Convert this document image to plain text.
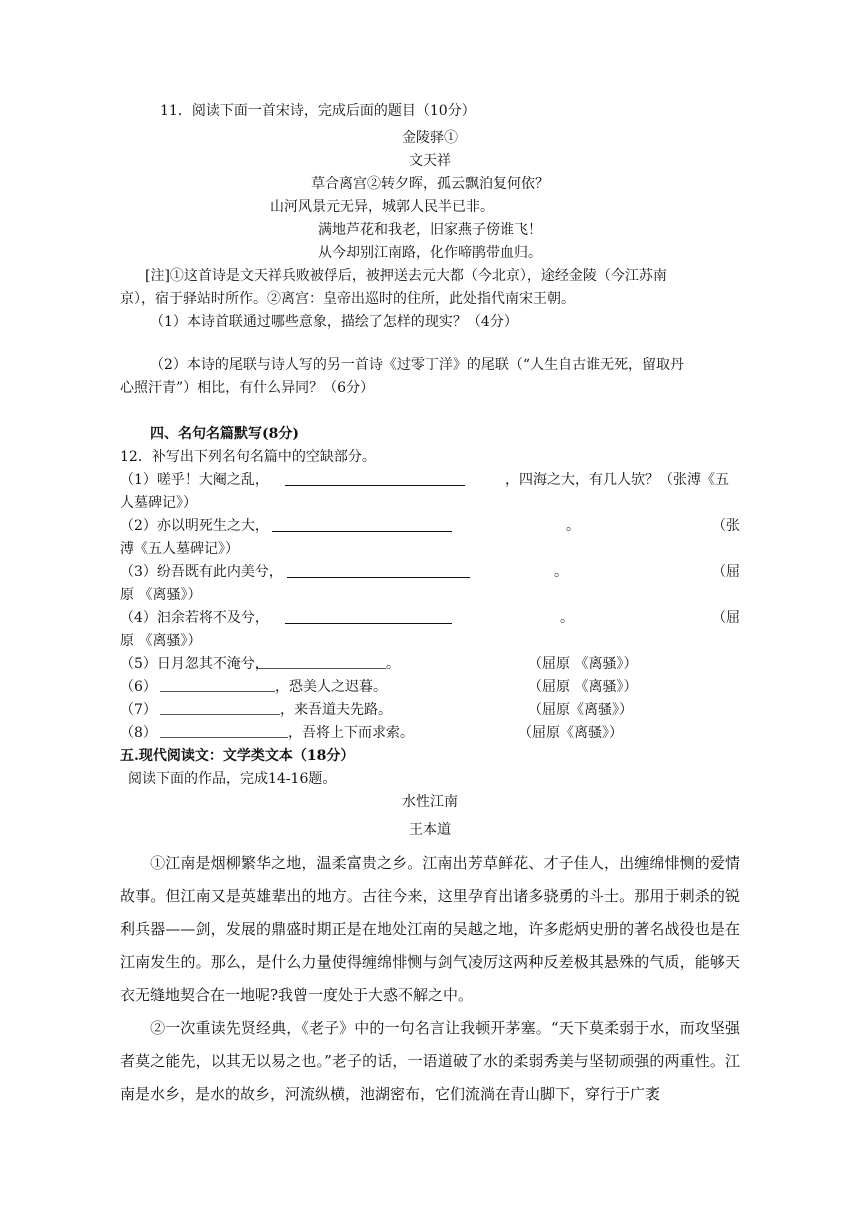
11．阅读下面一首宋诗，完成后面的题目（10分）
金陵驿①
文天祥
草合离宫②转夕晖，孤云飘泊复何依？
山河风景元无异，城郭人民半已非。
满地芦花和我老，旧家燕子傍谁飞！
从今却别江南路，化作啼鹃带血归。
[注]①这首诗是文天祥兵败被俘后，被押送去元大都（今北京），途经金陵（今江苏南
京），宿于驿站时所作。②离宫：皇帝出巡时的住所，此处指代南宋王朝。
（1）本诗首联通过哪些意象，描绘了怎样的现实？（4分）
（2）本诗的尾联与诗人写的另一首诗《过零丁洋》的尾联（“人生自古谁无死，留取丹
心照汗青”）相比，有什么异同？（6分）
四、名句名篇默写(8分)
12．补写出下列名句名篇中的空缺部分。
（1）嗟乎！大阉之乱，	，四海之大，有几人欤？（张溥《五
人墓碑记》）
（2）亦以明死生之大，	。	（张
溥《五人墓碑记》）
（3）纷吾既有此内美兮，	。	（屈
原 《离骚》）
（4）汩余若将不及兮，	。	（屈
原 《离骚》）
（5）日月忽其不淹兮，	。	（屈原 《离骚》）
（6）	，恐美人之迟暮。	（屈原 《离骚》）
（7）	，来吾道夫先路。	（屈原《离骚》）
（8）	，吾将上下而求索。	（屈原《离骚》）
五.现代阅读文：文学类文本（18分）
阅读下面的作品，完成14-16题。
水性江南
王本道
①江南是烟柳繁华之地，温柔富贵之乡。江南出芳草鲜花、才子佳人，出缠绵悱恻的爱情故事。但江南又是英雄辈出的地方。古往今来，这里孕育出诸多骁勇的斗士。那用于刺杀的锐利兵器——剑，发展的鼎盛时期正是在地处江南的吴越之地，许多彪炳史册的著名战役也是在江南发生的。那么，是什么力量使得缠绵悱恻与剑气凌厉这两种反差极其悬殊的气质，能够天衣无缝地契合在一地呢?我曾一度处于大惑不解之中。
②一次重读先贤经典，《老子》中的一句名言让我顿开茅塞。“天下莫柔弱于水，而攻坚强者莫之能先，以其无以易之也。”老子的话，一语道破了水的柔弱秀美与坚韧顽强的两重性。江南是水乡，是水的故乡，河流纵横，池湖密布，它们流淌在青山脚下，穿行于广袤
